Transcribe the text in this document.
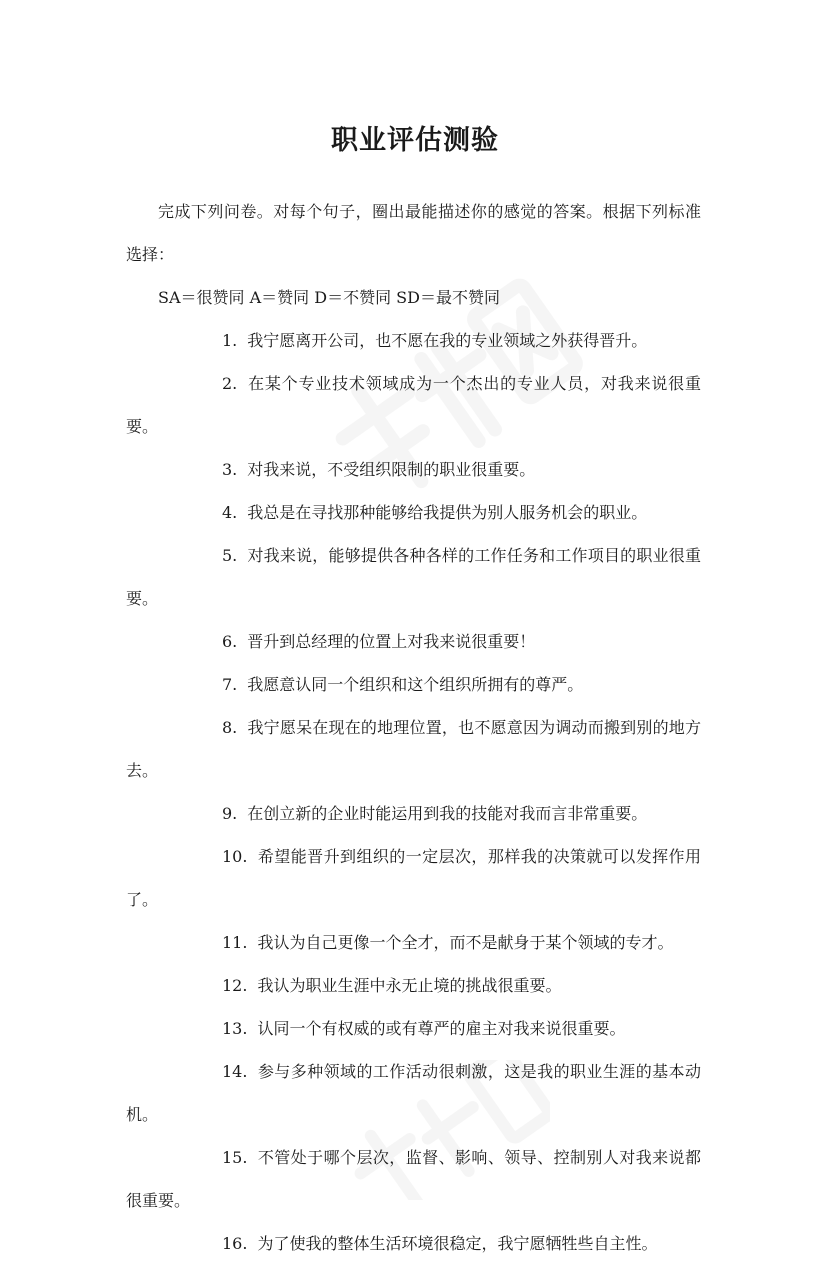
职业评估测验

完成下列问卷。对每个句子，圈出最能描述你的感觉的答案。根据下列标准选择：

SA＝很赞同 A＝赞同 D＝不赞同 SD＝最不赞同

1. 我宁愿离开公司，也不愿在我的专业领域之外获得晋升。
2. 在某个专业技术领域成为一个杰出的专业人员，对我来说很重要。
3. 对我来说，不受组织限制的职业很重要。
4. 我总是在寻找那种能够给我提供为别人服务机会的职业。
5. 对我来说，能够提供各种各样的工作任务和工作项目的职业很重要。
6. 晋升到总经理的位置上对我来说很重要！
7. 我愿意认同一个组织和这个组织所拥有的尊严。
8. 我宁愿呆在现在的地理位置，也不愿意因为调动而搬到别的地方去。
9. 在创立新的企业时能运用到我的技能对我而言非常重要。
10. 希望能晋升到组织的一定层次，那样我的决策就可以发挥作用了。
11. 我认为自己更像一个全才，而不是献身于某个领域的专才。
12. 我认为职业生涯中永无止境的挑战很重要。
13. 认同一个有权威的或有尊严的雇主对我来说很重要。
14. 参与多种领域的工作活动很刺激，这是我的职业生涯的基本动机。
15. 不管处于哪个层次，监督、影响、领导、控制别人对我来说都很重要。
16. 为了使我的整体生活环境很稳定，我宁愿牺牲些自主性。
